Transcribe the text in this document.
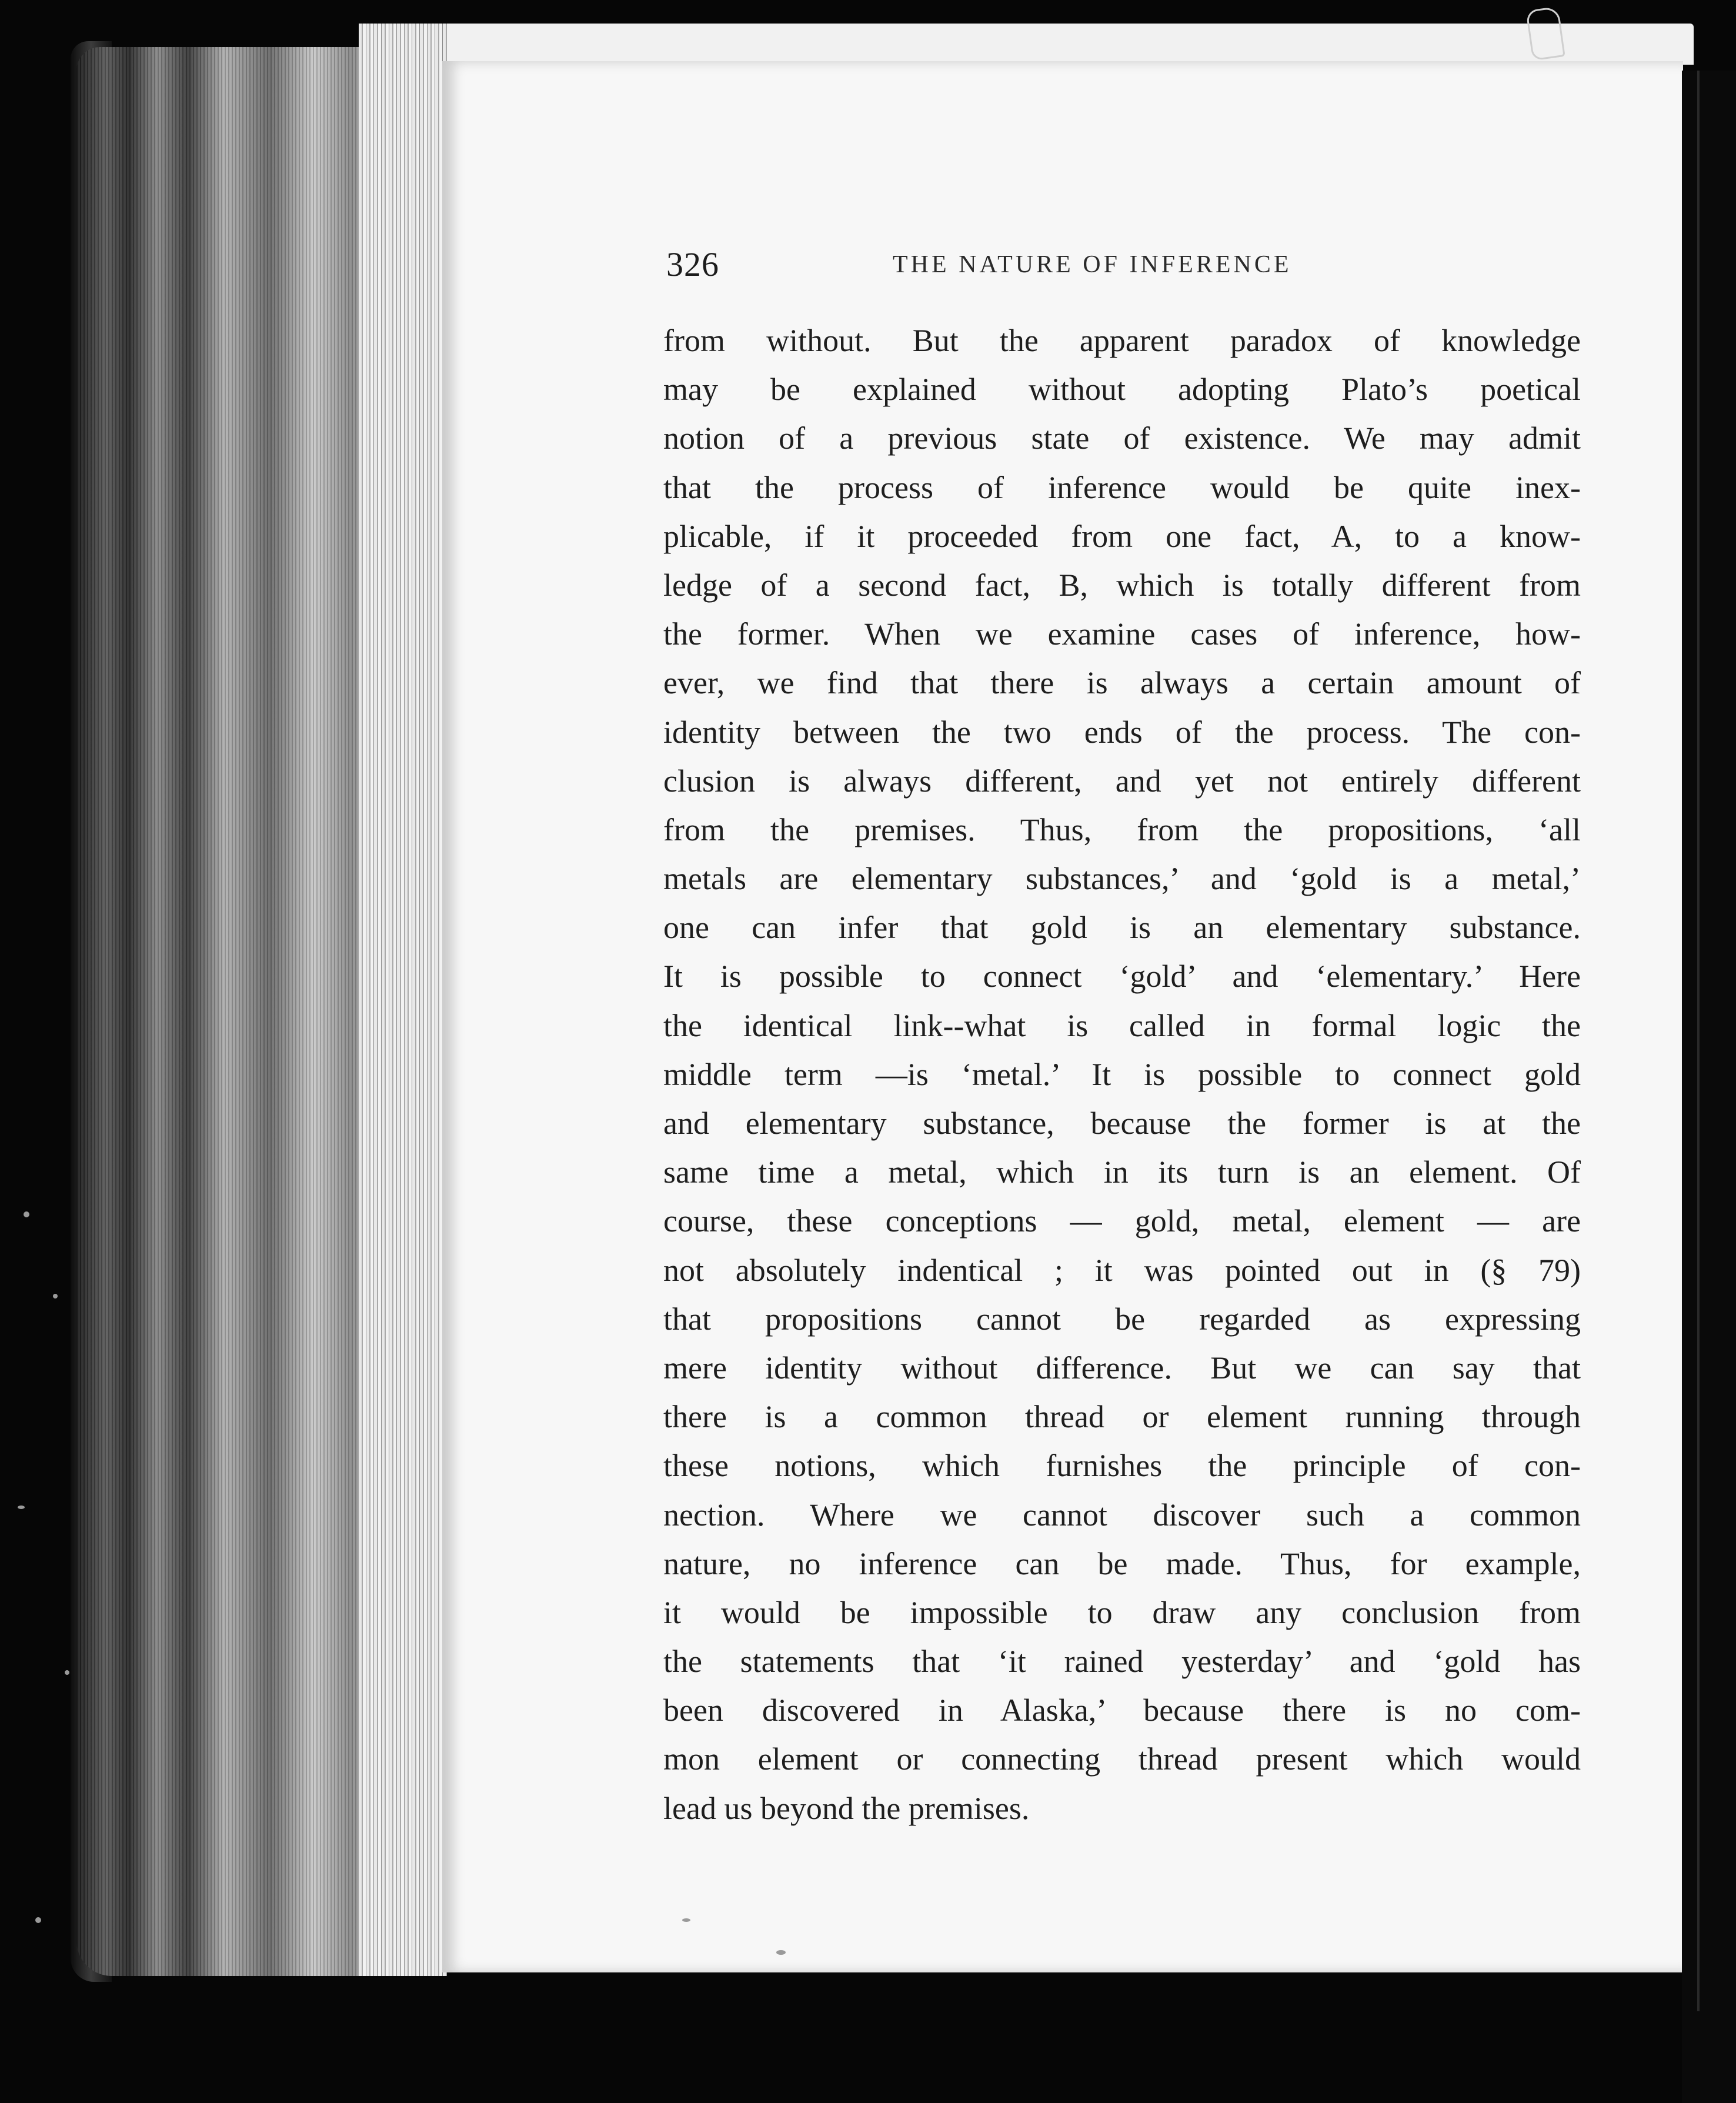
326	THE NATURE OF INFERENCE
from without. But the apparent paradox of knowledge
may be explained without adopting Plato’s poetical
notion of a previous state of existence. We may admit
that the process of inference would be quite inex-
plicable, if it proceeded from one fact, A, to a know-
ledge of a second fact, B, which is totally different from
the former. When we examine cases of inference, how-
ever, we find that there is always a certain amount of
identity between the two ends of the process. The con-
clusion is always different, and yet not entirely different
from the premises. Thus, from the propositions, ‘all
metals are elementary substances,’ and ‘gold is a metal,’
one can infer that gold is an elementary substance.
It is possible to connect ‘gold’ and ‘elementary.’ Here
the identical link--what is called in formal logic the
middle term —is ‘metal.’ It is possible to connect gold
and elementary substance, because the former is at the
same time a metal, which in its turn is an element. Of
course, these conceptions — gold, metal, element — are
not absolutely indentical ; it was pointed out in (§ 79)
that propositions cannot be regarded as expressing
mere identity without difference. But we can say that
there is a common thread or element running through
these notions, which furnishes the principle of con-
nection. Where we cannot discover such a common
nature, no inference can be made. Thus, for example,
it would be impossible to draw any conclusion from
the statements that ‘it rained yesterday’ and ‘gold has
been discovered in Alaska,’ because there is no com-
mon element or connecting thread present which would
lead us beyond the premises.
